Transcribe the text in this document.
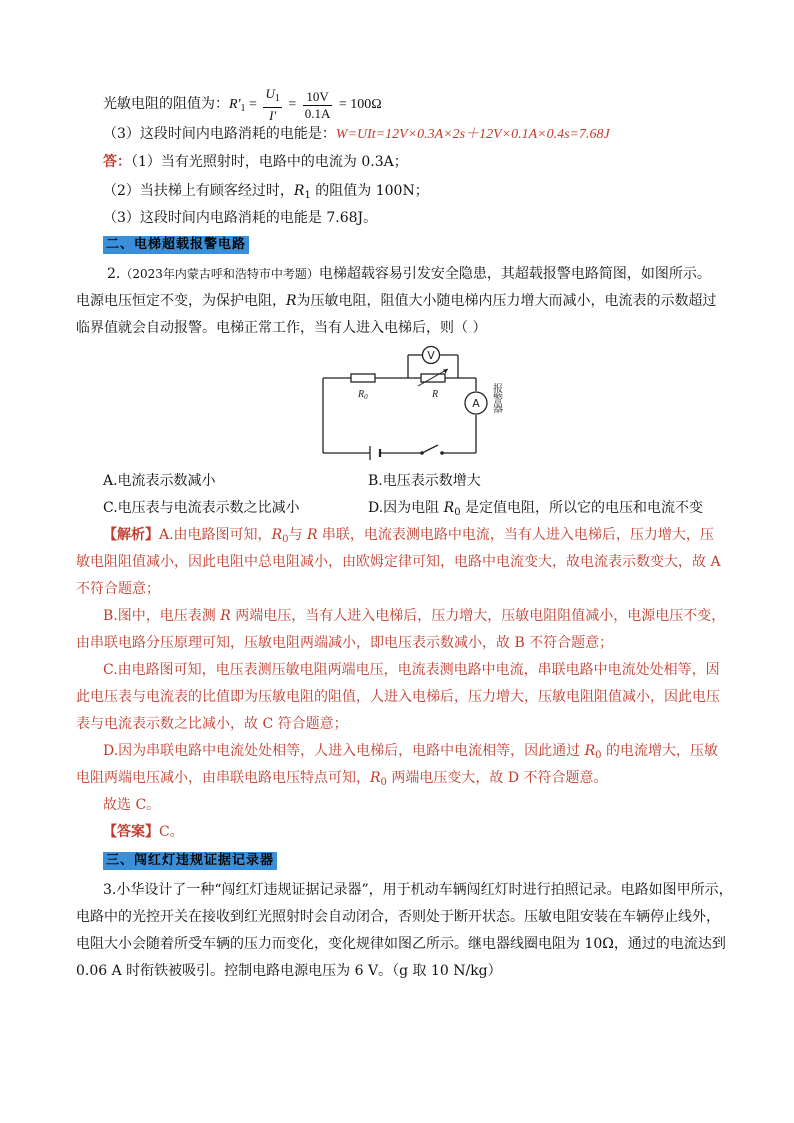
光敏电阻的阻值为：$R'_1 = \frac{U_1}{I'} = \frac{10V}{0.1A} = 100\Omega$
（3）这段时间内电路消耗的电能是：W=UIt=12V×0.3A×2s＋12V×0.1A×0.4s=7.68J
答：（1）当有光照射时，电路中的电流为 0.3A；
（2）当扶梯上有顾客经过时，$R_1$ 的阻值为 100N；
（3）这段时间内电路消耗的电能是 7.68J。
二、电梯超载报警电路
2.（2023年内蒙古呼和浩特市中考题）电梯超载容易引发安全隐患，其超载报警电路简图，如图所示。
电源电压恒定不变，为保护电阻，R为压敏电阻，阻值大小随电梯内压力增大而减小，电流表的示数超过
临界值就会自动报警。电梯正常工作，当有人进入电梯后，则（ ）
V
A
$R_0$	R	报警器
A.电流表示数减小	B.电压表示数增大
C.电压表与电流表示数之比减小	D.因为电阻 $R_0$ 是定值电阻，所以它的电压和电流不变
【解析】A.由电路图可知，$R_0$与 R 串联，电流表测电路中电流，当有人进入电梯后，压力增大，压
敏电阻阻值减小，因此电阻中总电阻减小，由欧姆定律可知，电路中电流变大，故电流表示数变大，故 A
不符合题意；
B.图中，电压表测 R 两端电压，当有人进入电梯后，压力增大，压敏电阻阻值减小，电源电压不变，
由串联电路分压原理可知，压敏电阻两端减小，即电压表示数减小，故 B 不符合题意；
C.由电路图可知，电压表测压敏电阻两端电压，电流表测电路中电流，串联电路中电流处处相等，因
此电压表与电流表的比值即为压敏电阻的阻值，人进入电梯后，压力增大，压敏电阻阻值减小，因此电压
表与电流表示数之比减小，故 C 符合题意；
D.因为串联电路中电流处处相等，人进入电梯后，电路中电流相等，因此通过 $R_0$ 的电流增大，压敏
电阻两端电压减小，由串联电路电压特点可知，$R_0$ 两端电压变大，故 D 不符合题意。
故选 C。
【答案】C。
三、闯红灯违规证据记录器
3.小华设计了一种“闯红灯违规证据记录器”，用于机动车辆闯红灯时进行拍照记录。电路如图甲所示，
电路中的光控开关在接收到红光照射时会自动闭合，否则处于断开状态。压敏电阻安装在车辆停止线外，
电阻大小会随着所受车辆的压力而变化，变化规律如图乙所示。继电器线圈电阻为 10Ω，通过的电流达到
0.06 A 时衔铁被吸引。控制电路电源电压为 6 V。（g 取 10 N/kg）
